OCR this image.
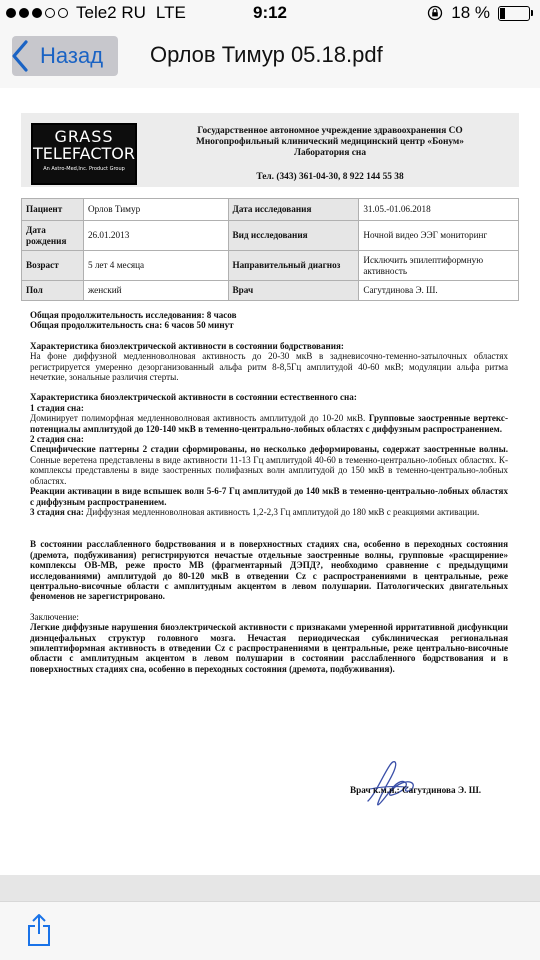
Tele2 RU LTE	9:12	18 %
Назад Орлов Тимур 05.18.pdf
GRASS
TELEFACTOR
An Astro-Med,Inc. Product Group
Государственное автономное учреждение здравоохранения СО
Многопрофильный клинический медицинский центр «Бонум»
Лаборатория сна
Тел. (343) 361-04-30, 8 922 144 55 38
Пациент	Орлов Тимур	Дата исследования	31.05.-01.06.2018
Дата рождения	26.01.2013	Вид исследования	Ночной видео ЭЭГ мониторинг
Возраст	5 лет 4 месяца	Направительный диагноз	Исключить эпилептиформную активность
Пол	женский	Врач	Сагутдинова Э. Ш.

Общая продолжительность исследования: 8 часов

Общая продолжительность сна: 6 часов 50 минут

Характеристика биоэлектрической активности в состоянии бодрствования:

На фоне диффузной медленноволновая активность до 20-30 мкВ в задневисочно-теменно-затылочных областях регистрируется умеренно дезорганизованный альфа ритм 8-8,5Гц амплитудой 40-60 мкВ; модуляции альфа ритма нечеткие, зональные различия стерты.

Характеристика биоэлектрической активности в состоянии естественного сна:

1 стадия сна:

Доминирует полиморфная медленноволновая активность амплитудой до 10-20 мкВ. Групповые заостренные вертекс-потенциалы амплитудой до 120-140 мкВ в теменно-центрально-лобных областях с диффузным распространением.

2 стадия сна:

Специфические паттерны 2 стадии сформированы, но несколько деформированы, содержат заостренные волны. Сонные веретена представлены в виде активности 11-13 Гц амплитудой 40-60 в теменно-центрально-лобных областях. К-комплексы представлены в виде заостренных полифазных волн амплитудой до 150 мкВ в теменно-центрально-лобных областях.

Реакции активации в виде вспышек волн 5-6-7 Гц амплитудой до 140 мкВ в теменно-центрально-лобных областях с диффузным распространением.

3 стадия сна: Диффузная медленноволновая активность 1,2-2,3 Гц амплитудой до 180 мкВ с реакциями активации.

В состоянии расслабленного бодрствования и в поверхностных стадиях сна, особенно в переходных состояния (дремота, подбуживания) регистрируются нечастые отдельные заостренные волны, групповые «расщирение» комплексы ОВ-МВ, реже просто МВ (фрагментарный ДЭПД?, необходимо сравнение с предыдущими исследованиями) амплитудой до 80-120 мкВ в отведении Cz с распространениями в центральные, реже центрально-височные области с амплитудным акцентом в левом полушарии. Патологических двигательных феноменов не зарегистрировано.

Заключение:

Легкие диффузные нарушения биоэлектрической активности с признаками умеренной ирритативной дисфункции диэнцефальных структур головного мозга. Нечастая периодическая субклиническая региональная эпилептиформная активность в отведении Cz с распространениями в центральные, реже центрально-височные области с амплитудным акцентом в левом полушарии в состоянии расслабленного бодрствования и в поверхностных стадиях сна, особенно в переходных состояния (дремота, подбуживания).

Врач к.м.н.: Сагутдинова Э. Ш.
